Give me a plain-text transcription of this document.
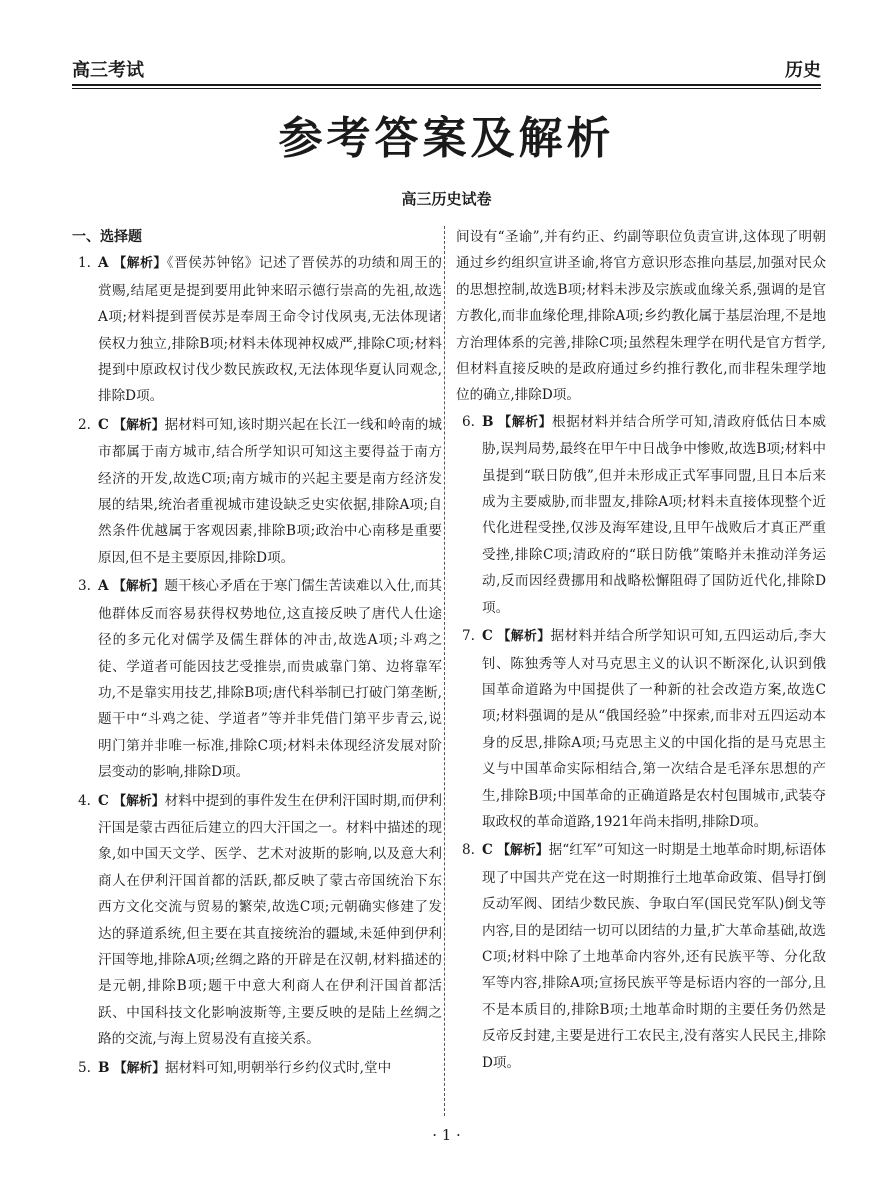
高三考试	历史
参考答案及解析
高三历史试卷
一、选择题

1. A 【解析】《晋侯苏钟铭》记述了晋侯苏的功绩和周王的赏赐,结尾更是提到要用此钟来昭示德行崇高的先祖,故选A项;材料提到晋侯苏是奉周王命令讨伐夙夷,无法体现诸侯权力独立,排除B项;材料未体现神权威严,排除C项;材料提到中原政权讨伐少数民族政权,无法体现华夏认同观念,排除D项。

2. C 【解析】据材料可知,该时期兴起在长江一线和岭南的城市都属于南方城市,结合所学知识可知这主要得益于南方经济的开发,故选C项;南方城市的兴起主要是南方经济发展的结果,统治者重视城市建设缺乏史实依据,排除A项;自然条件优越属于客观因素,排除B项;政治中心南移是重要原因,但不是主要原因,排除D项。

3. A 【解析】题干核心矛盾在于寒门儒生苦读难以入仕,而其他群体反而容易获得权势地位,这直接反映了唐代人仕途径的多元化对儒学及儒生群体的冲击,故选A项;斗鸡之徒、学道者可能因技艺受推崇,而贵戚靠门第、边将靠军功,不是靠实用技艺,排除B项;唐代科举制已打破门第垄断,题干中“斗鸡之徒、学道者”等并非凭借门第平步青云,说明门第并非唯一标准,排除C项;材料未体现经济发展对阶层变动的影响,排除D项。

4. C 【解析】材料中提到的事件发生在伊利汗国时期,而伊利汗国是蒙古西征后建立的四大汗国之一。材料中描述的现象,如中国天文学、医学、艺术对波斯的影响,以及意大利商人在伊利汗国首都的活跃,都反映了蒙古帝国统治下东西方文化交流与贸易的繁荣,故选C项;元朝确实修建了发达的驿道系统,但主要在其直接统治的疆域,未延伸到伊利汗国等地,排除A项;丝绸之路的开辟是在汉朝,材料描述的是元朝,排除B项;题干中意大利商人在伊利汗国首都活跃、中国科技文化影响波斯等,主要反映的是陆上丝绸之路的交流,与海上贸易没有直接关系。

5. B 【解析】据材料可知,明朝举行乡约仪式时,堂中

间设有“圣谕”,并有约正、约副等职位负责宣讲,这体现了明朝通过乡约组织宣讲圣谕,将官方意识形态推向基层,加强对民众的思想控制,故选B项;材料未涉及宗族或血缘关系,强调的是官方教化,而非血缘伦理,排除A项;乡约教化属于基层治理,不是地方治理体系的完善,排除C项;虽然程朱理学在明代是官方哲学,但材料直接反映的是政府通过乡约推行教化,而非程朱理学地位的确立,排除D项。

6. B 【解析】根据材料并结合所学可知,清政府低估日本威胁,误判局势,最终在甲午中日战争中惨败,故选B项;材料中虽提到“联日防俄”,但并未形成正式军事同盟,且日本后来成为主要威胁,而非盟友,排除A项;材料未直接体现整个近代化进程受挫,仅涉及海军建设,且甲午战败后才真正严重受挫,排除C项;清政府的“联日防俄”策略并未推动洋务运动,反而因经费挪用和战略松懈阻碍了国防近代化,排除D项。

7. C 【解析】据材料并结合所学知识可知,五四运动后,李大钊、陈独秀等人对马克思主义的认识不断深化,认识到俄国革命道路为中国提供了一种新的社会改造方案,故选C项;材料强调的是从“俄国经验”中探索,而非对五四运动本身的反思,排除A项;马克思主义的中国化指的是马克思主义与中国革命实际相结合,第一次结合是毛泽东思想的产生,排除B项;中国革命的正确道路是农村包围城市,武装夺取政权的革命道路,1921年尚未指明,排除D项。

8. C 【解析】据“红军”可知这一时期是土地革命时期,标语体现了中国共产党在这一时期推行土地革命政策、倡导打倒反动军阀、团结少数民族、争取白军(国民党军队)倒戈等内容,目的是团结一切可以团结的力量,扩大革命基础,故选C项;材料中除了土地革命内容外,还有民族平等、分化敌军等内容,排除A项;宣扬民族平等是标语内容的一部分,且不是本质目的,排除B项;土地革命时期的主要任务仍然是反帝反封建,主要是进行工农民主,没有落实人民民主,排除D项。

· 1 ·
